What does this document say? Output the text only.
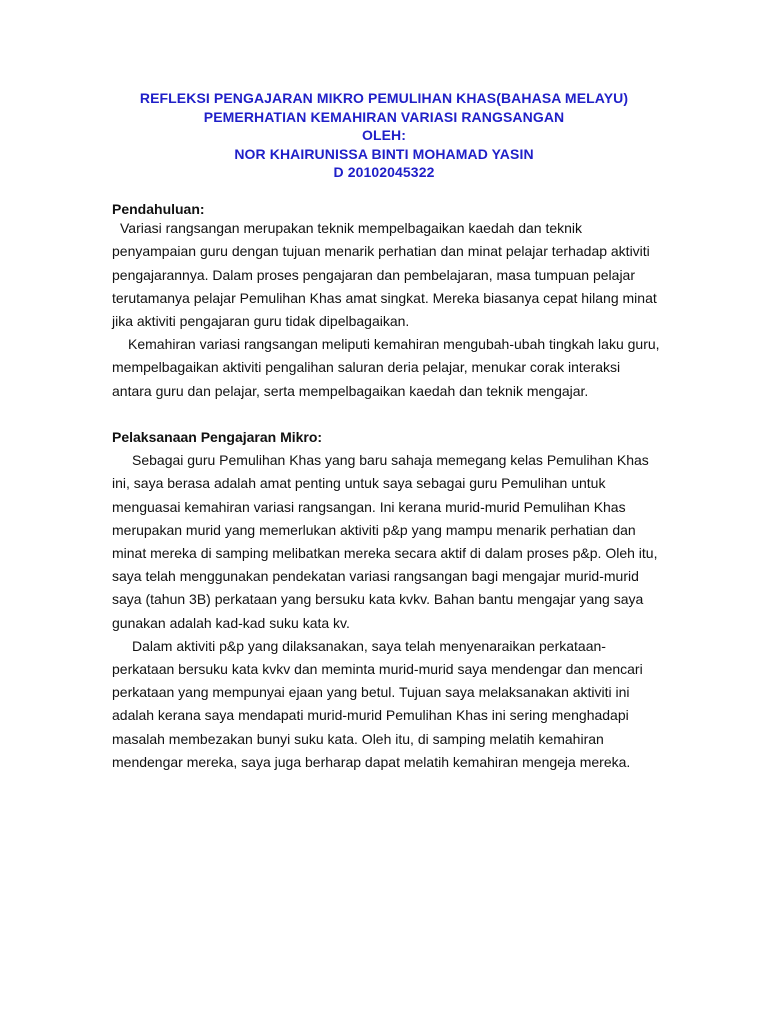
REFLEKSI PENGAJARAN MIKRO PEMULIHAN KHAS(BAHASA MELAYU)
PEMERHATIAN KEMAHIRAN VARIASI RANGSANGAN
OLEH:
NOR KHAIRUNISSA BINTI MOHAMAD YASIN
D 20102045322
Pendahuluan:
Variasi rangsangan merupakan teknik mempelbagaikan kaedah dan teknik
penyampaian guru dengan tujuan menarik perhatian dan minat pelajar terhadap aktiviti
pengajarannya. Dalam proses pengajaran dan pembelajaran, masa tumpuan pelajar
terutamanya pelajar Pemulihan Khas amat singkat. Mereka biasanya cepat hilang minat
jika aktiviti pengajaran guru tidak dipelbagaikan.
Kemahiran variasi rangsangan meliputi kemahiran mengubah-ubah tingkah laku guru,
mempelbagaikan aktiviti pengalihan saluran deria pelajar, menukar corak interaksi
antara guru dan pelajar, serta mempelbagaikan kaedah dan teknik mengajar.
Pelaksanaan Pengajaran Mikro:
Sebagai guru Pemulihan Khas yang baru sahaja memegang kelas Pemulihan Khas
ini, saya berasa adalah amat penting untuk saya sebagai guru Pemulihan untuk
menguasai kemahiran variasi rangsangan. Ini kerana murid-murid Pemulihan Khas
merupakan murid yang memerlukan aktiviti p&p yang mampu menarik perhatian dan
minat mereka di samping melibatkan mereka secara aktif di dalam proses p&p. Oleh itu,
saya telah menggunakan pendekatan variasi rangsangan bagi mengajar murid-murid
saya (tahun 3B) perkataan yang bersuku kata kvkv. Bahan bantu mengajar yang saya
gunakan adalah kad-kad suku kata kv.
Dalam aktiviti p&p yang dilaksanakan, saya telah menyenaraikan perkataan-
perkataan bersuku kata kvkv dan meminta murid-murid saya mendengar dan mencari
perkataan yang mempunyai ejaan yang betul. Tujuan saya melaksanakan aktiviti ini
adalah kerana saya mendapati murid-murid Pemulihan Khas ini sering menghadapi
masalah membezakan bunyi suku kata. Oleh itu, di samping melatih kemahiran
mendengar mereka, saya juga berharap dapat melatih kemahiran mengeja mereka.
